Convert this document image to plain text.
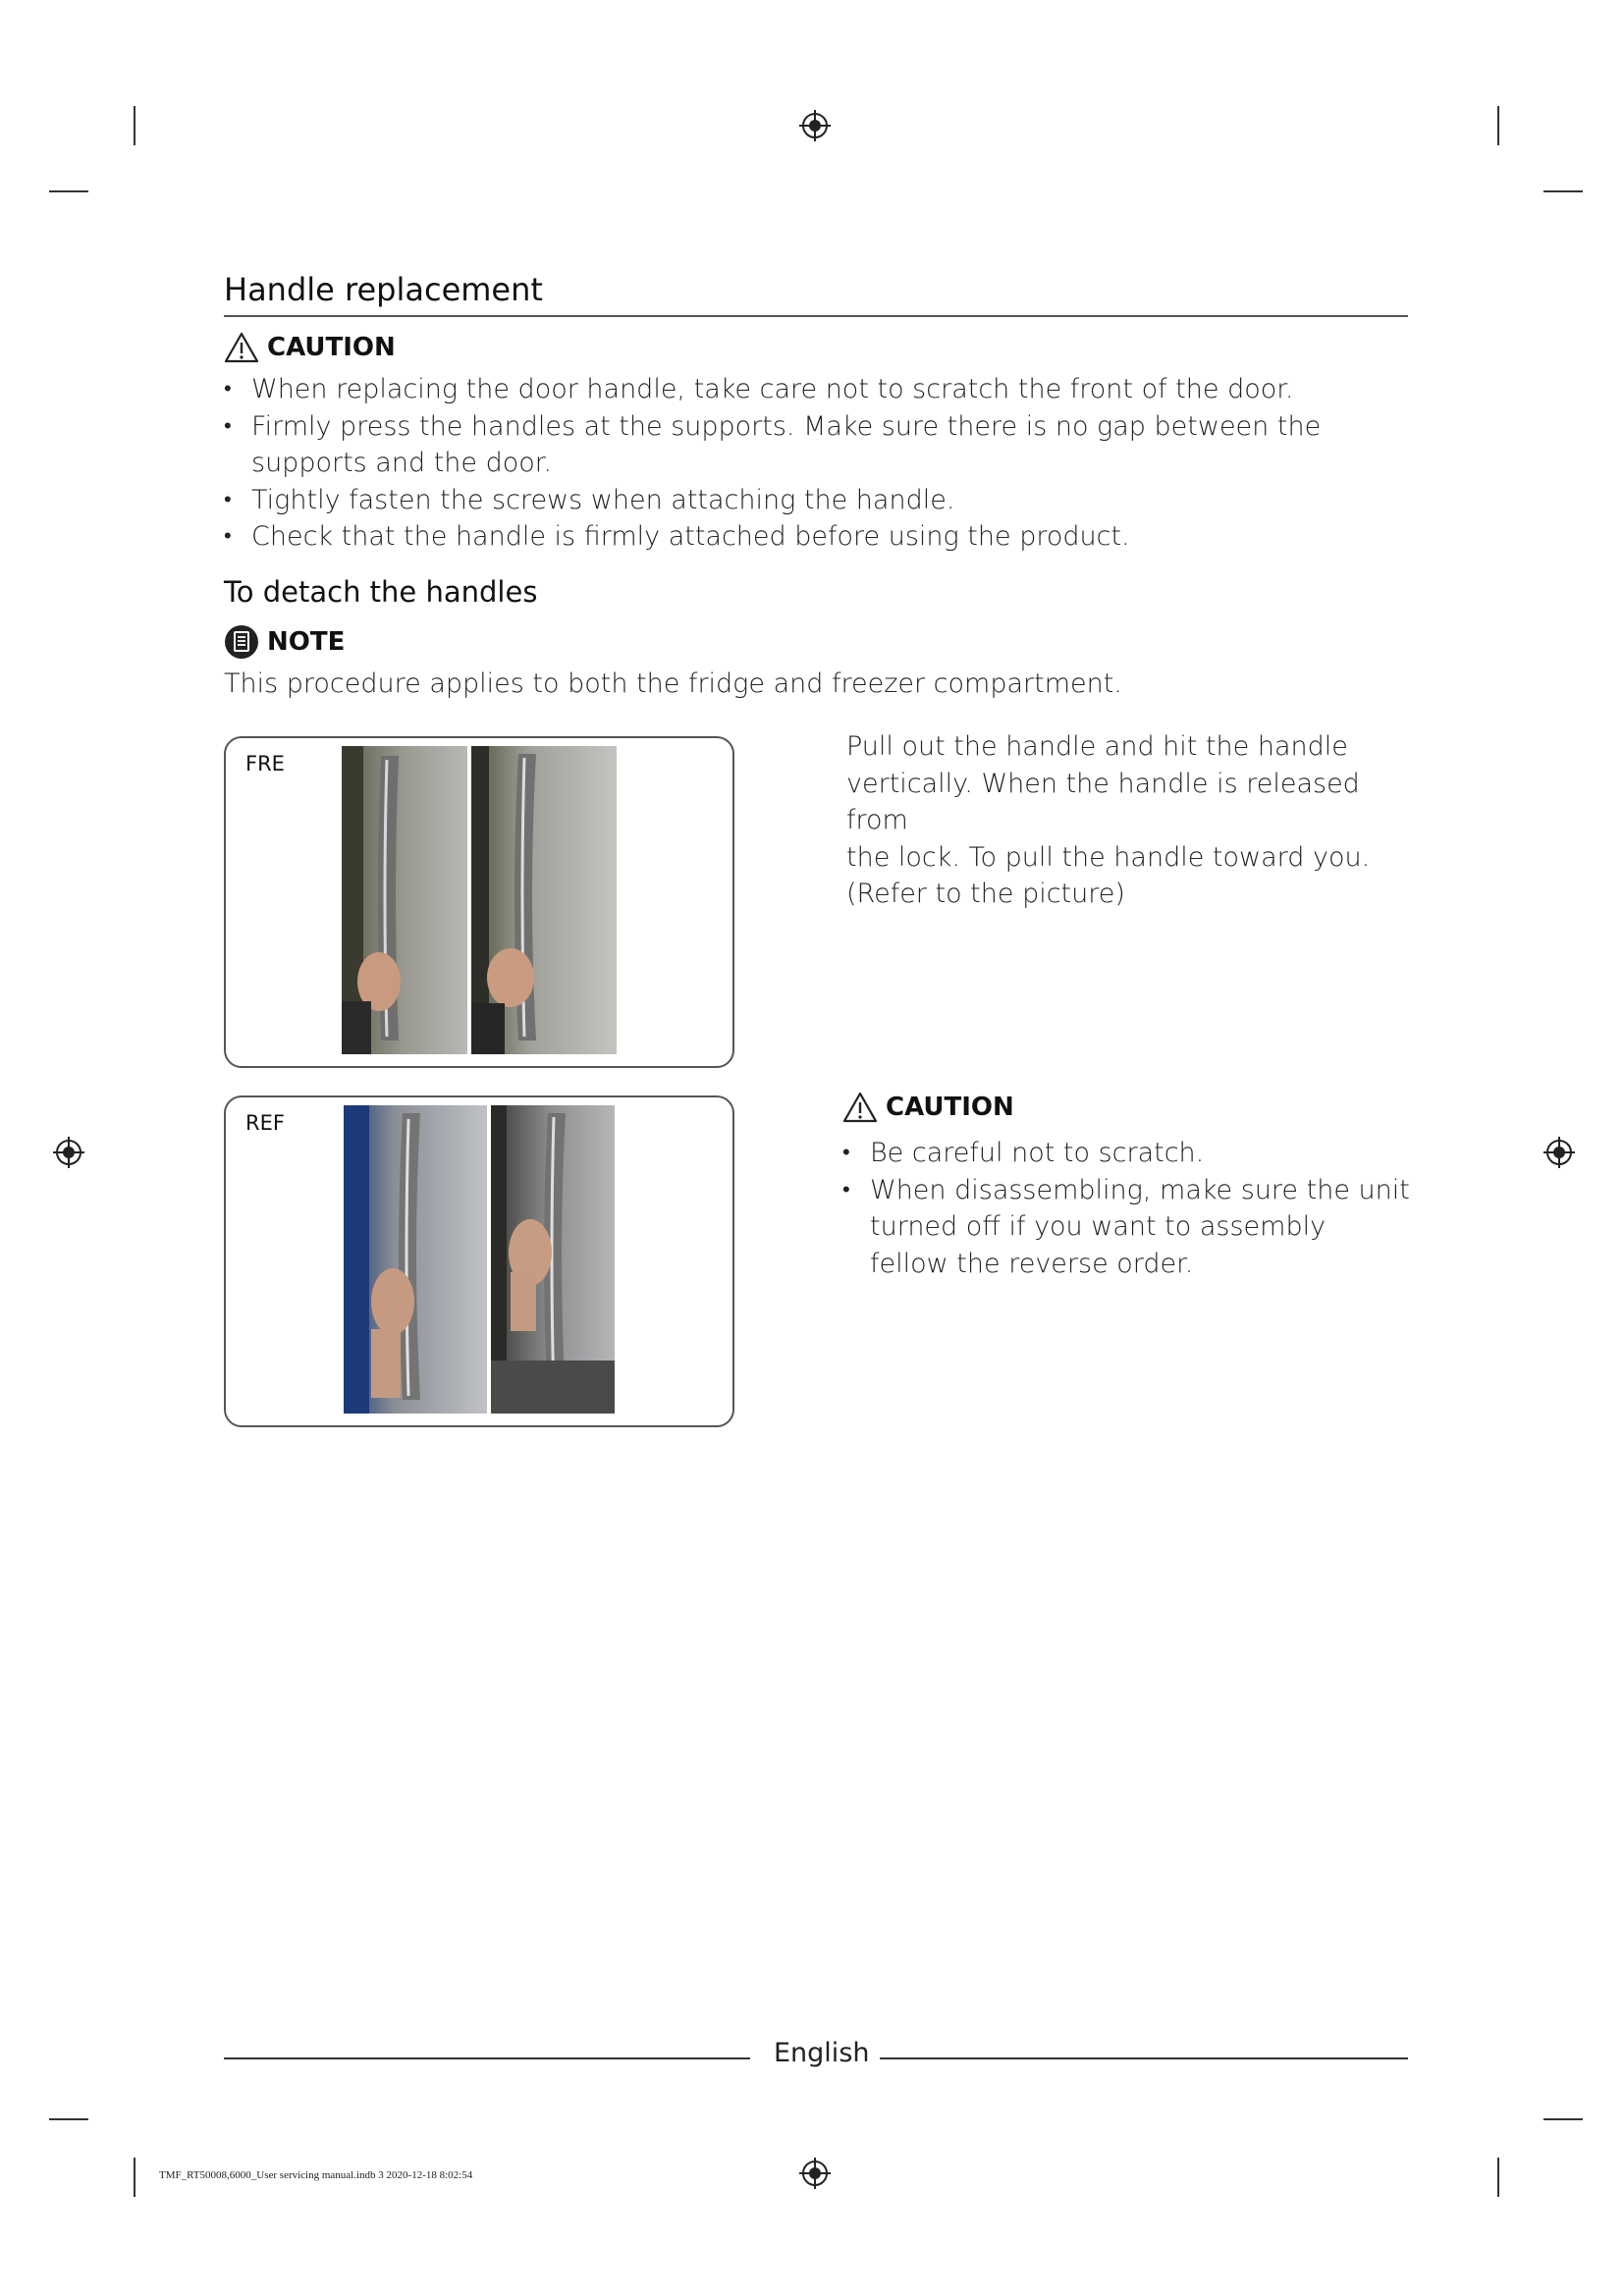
Handle replacement
CAUTION
• When replacing the door handle, take care not to scratch the front of the door.
• Firmly press the handles at the supports. Make sure there is no gap between the supports and the door.
• Tightly fasten the screws when attaching the handle.
• Check that the handle is firmly attached before using the product.
To detach the handles
NOTE
This procedure applies to both the fridge and freezer compartment.
FRE
REF
Pull out the handle and hit the handle
vertically. When the handle is released from
the lock. To pull the handle toward you.
(Refer to the picture)
CAUTION
• Be careful not to scratch.
• When disassembling, make sure the unit turned off if you want to assembly fellow the reverse order.
English
TMF_RT50008,6000_User servicing manual.indb 3 2020-12-18 8:02:54
